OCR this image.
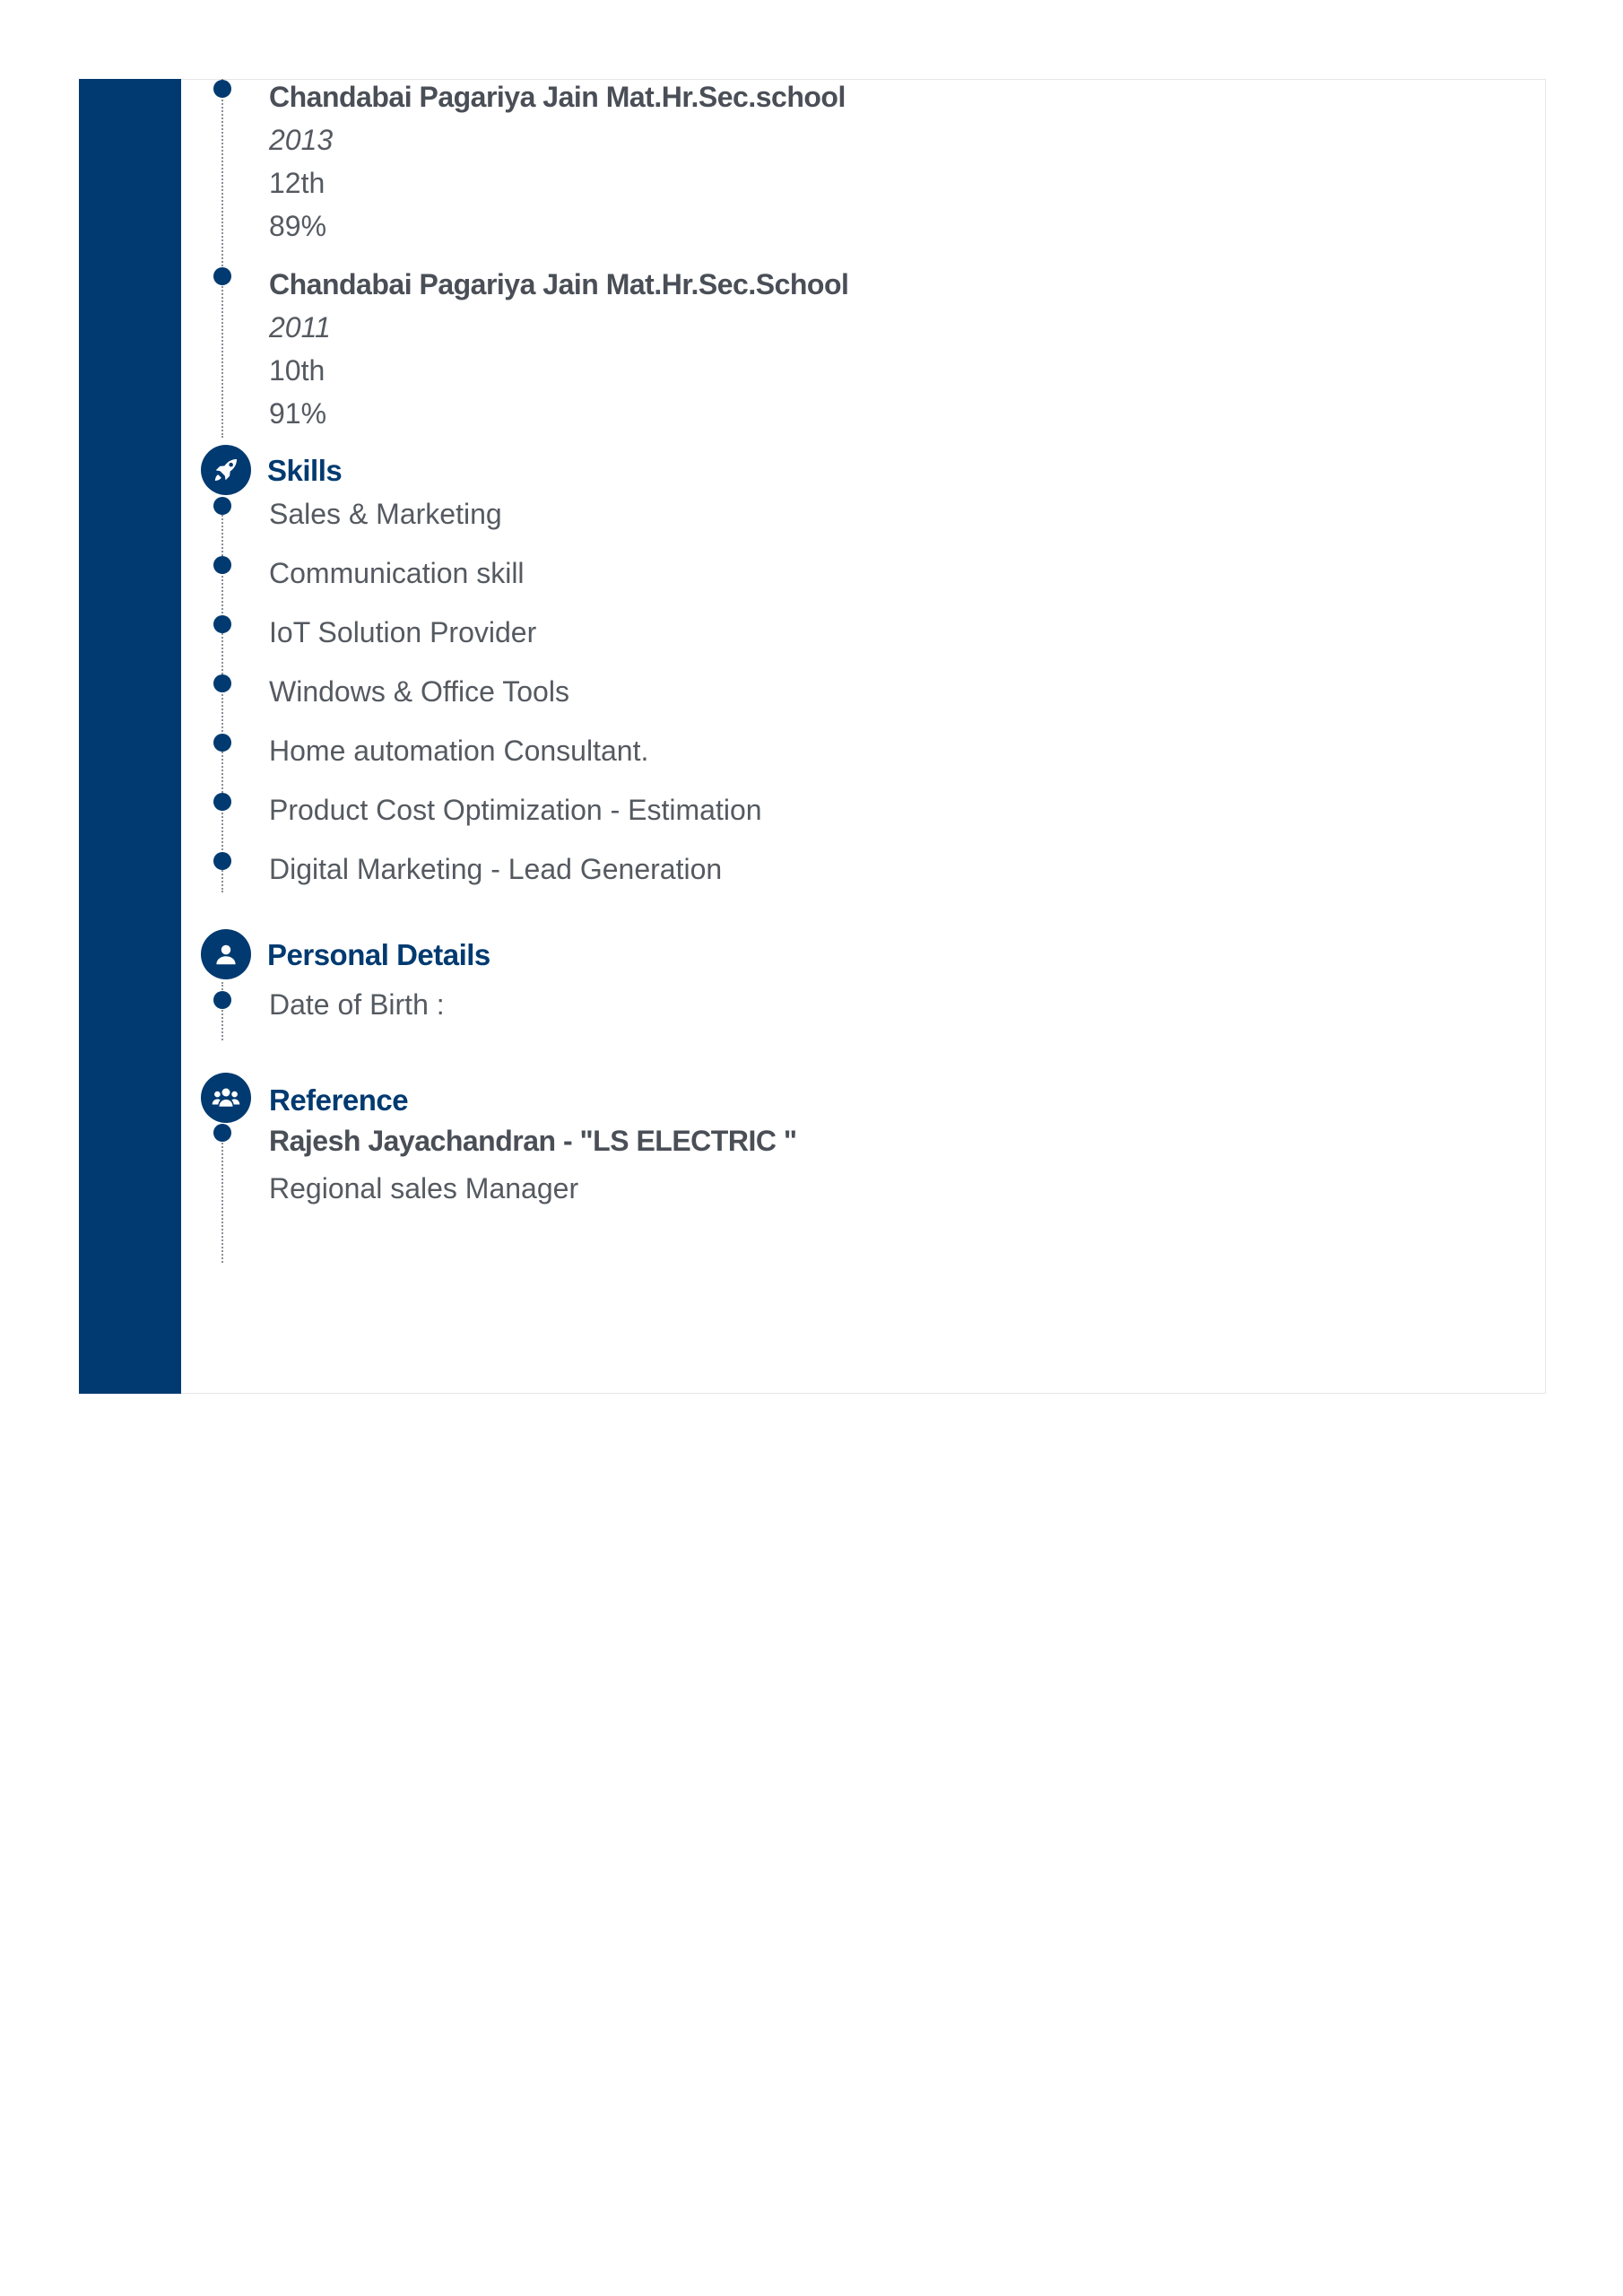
Chandabai Pagariya Jain Mat.Hr.Sec.school
2013
12th
89%
Chandabai Pagariya Jain Mat.Hr.Sec.School
2011
10th
91%
Skills
Sales & Marketing
Communication skill
IoT Solution Provider
Windows & Office Tools
Home automation Consultant.
Product Cost Optimization - Estimation
Digital Marketing - Lead Generation
Personal Details
Date of Birth :
Reference
Rajesh Jayachandran - "LS ELECTRIC "
Regional sales Manager
